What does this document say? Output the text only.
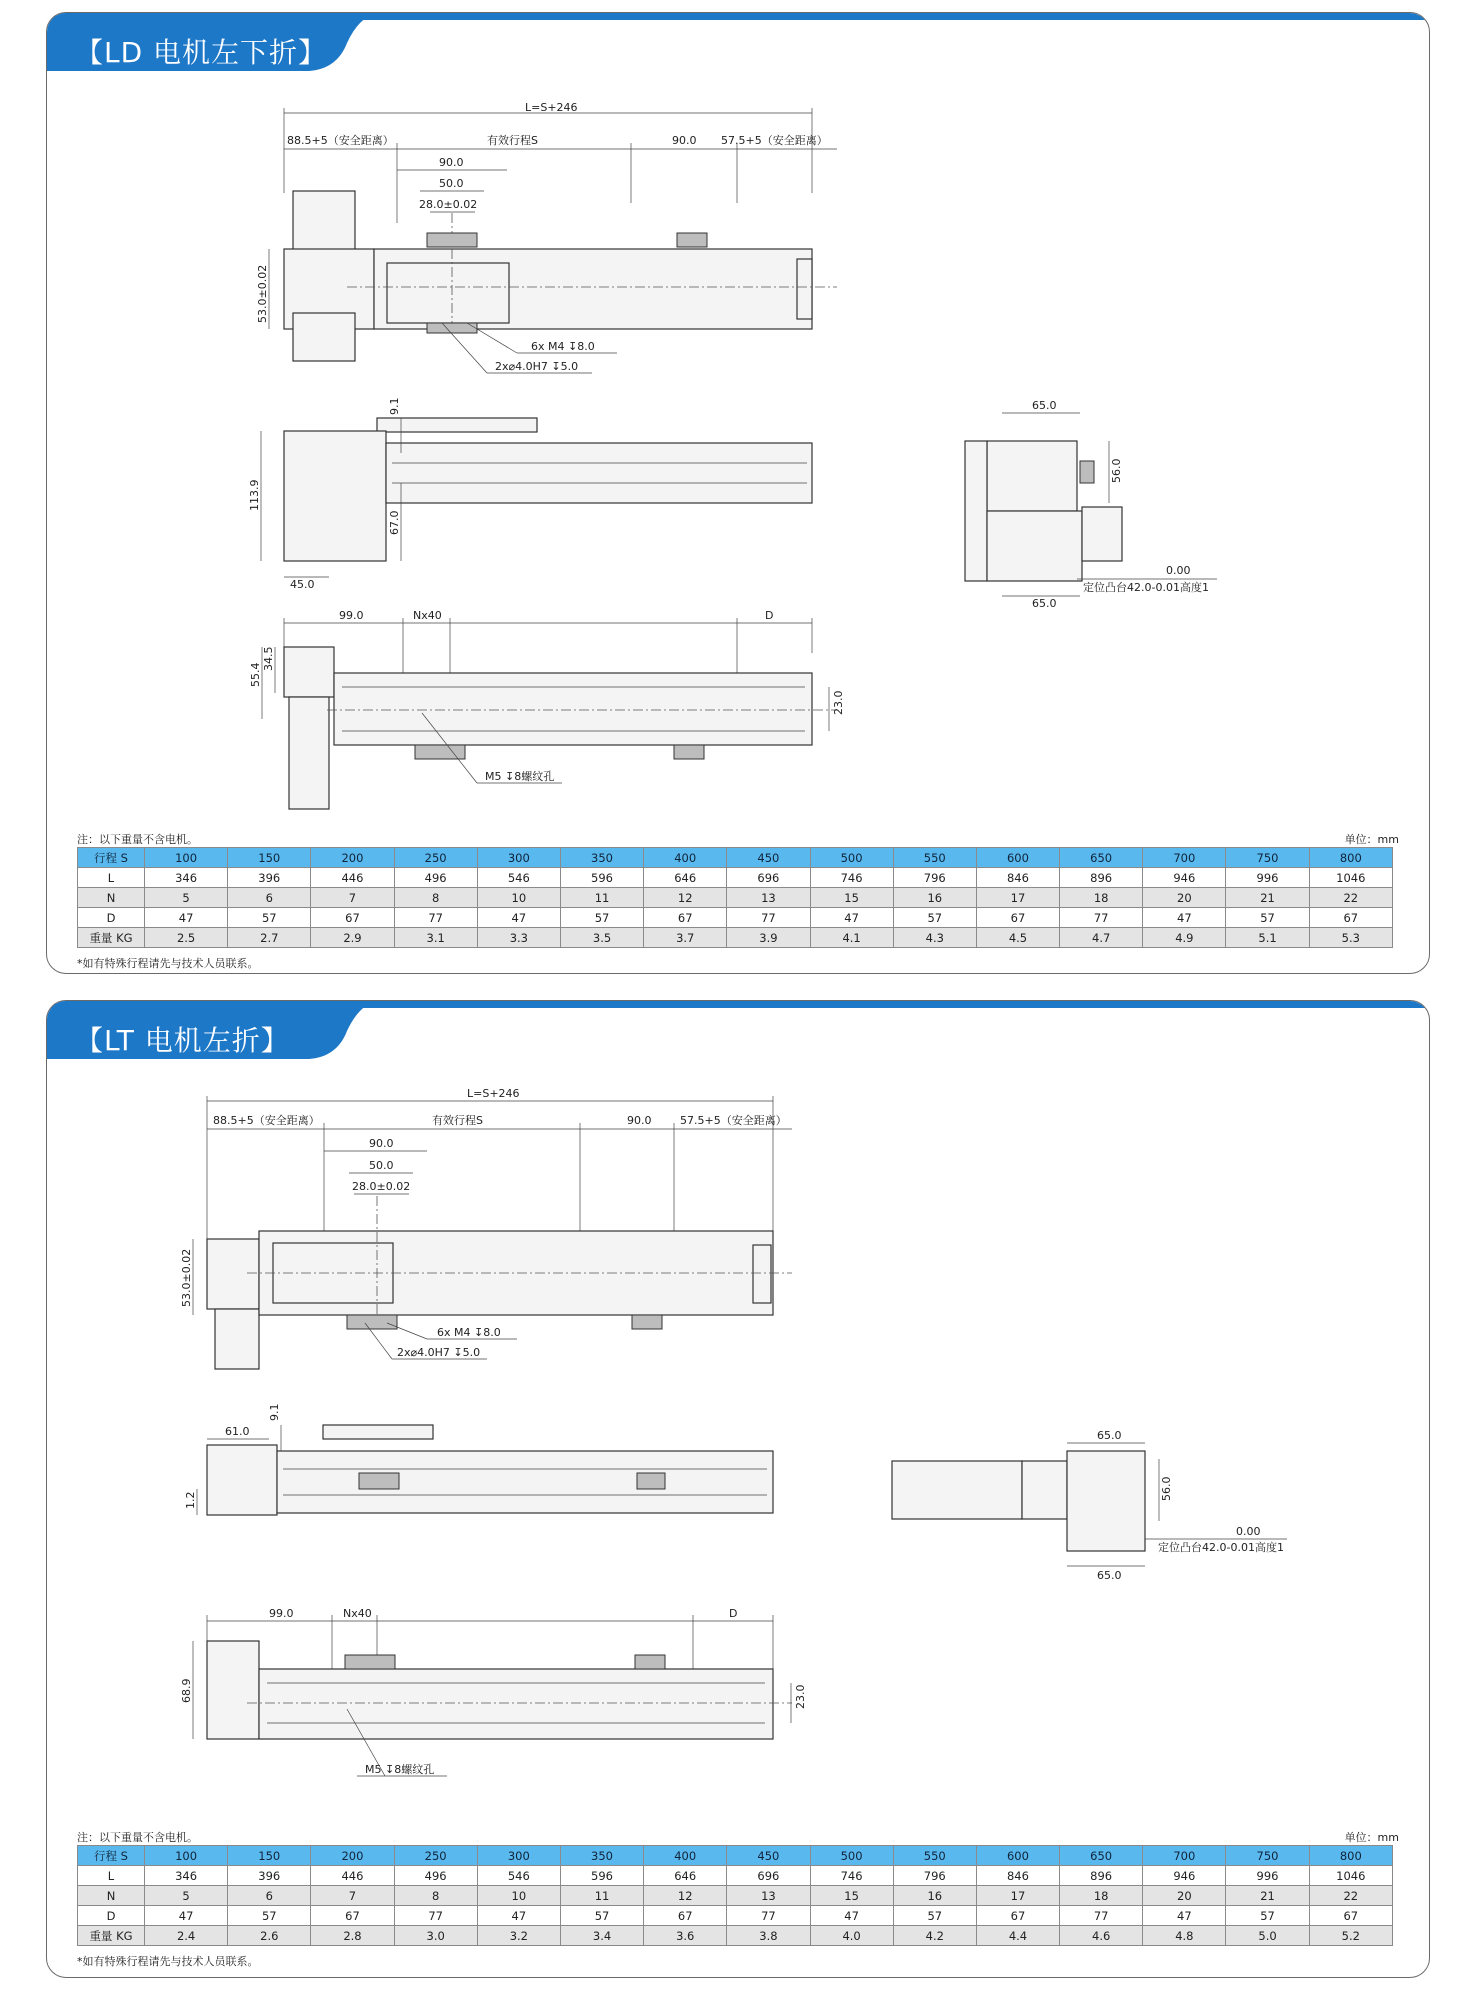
【LD 电机左下折】
L=S+246
88.5+5（安全距离）	有效行程S	90.0 57.5+5（安全距离）
90.0
50.0
28.0±0.02
53.0±0.02
6x M4 ↧8.0
2x⌀4.0H7 ↧5.0
9.1
113.9
67.0
45.0
65.0
56.0
65.0
0.00
定位凸台42.0-0.01高度1
99.0	Nx40	D
55.4
34.5
23.0
M5 ↧8螺纹孔
注：以下重量不含电机。	单位：mm
行程 S	100	150	200	250	300	350	400	450	500	550	600	650	700	750	800
L	346	396	446	496	546	596	646	696	746	796	846	896	946	996	1046
N	5	6	7	8	10	11	12	13	15	16	17	18	20	21	22
D	47	57	67	77	47	57	67	77	47	57	67	77	47	57	67
重量 KG	2.5	2.7	2.9	3.1	3.3	3.5	3.7	3.9	4.1	4.3	4.5	4.7	4.9	5.1	5.3
*如有特殊行程请先与技术人员联系。
【LT 电机左折】
L=S+246
88.5+5（安全距离）	有效行程S	90.0	57.5+5（安全距离）
90.0
50.0
28.0±0.02
53.0±0.02
6x M4 ↧8.0
2x⌀4.0H7 ↧5.0
61.0
9.1
1.2
65.0
56.0
65.0
0.00
定位凸台42.0-0.01高度1
99.0	Nx40	D
68.9	23.0
M5 ↧8螺纹孔
注：以下重量不含电机。	单位：mm
行程 S	100	150	200	250	300	350	400	450	500	550	600	650	700	750	800
L	346	396	446	496	546	596	646	696	746	796	846	896	946	996	1046
N	5	6	7	8	10	11	12	13	15	16	17	18	20	21	22
D	47	57	67	77	47	57	67	77	47	57	67	77	47	57	67
重量 KG	2.4	2.6	2.8	3.0	3.2	3.4	3.6	3.8	4.0	4.2	4.4	4.6	4.8	5.0	5.2
*如有特殊行程请先与技术人员联系。
